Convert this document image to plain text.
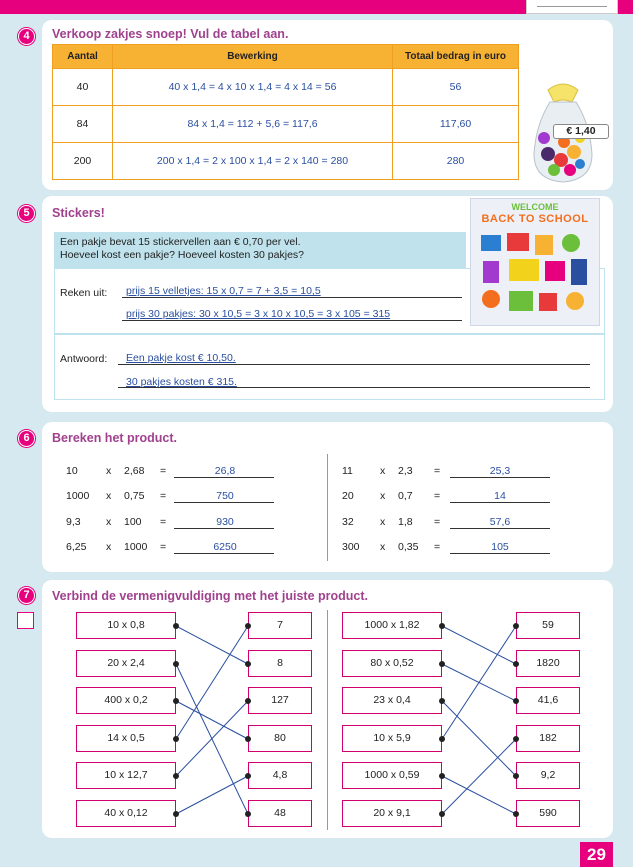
4	Verkoop zakjes snoep! Vul de tabel aan.
Aantal	Bewerking	Totaal bedrag in euro
40	40 x 1,4 = 4 x 10 x 1,4 = 4 x 14 = 56	56
84	84 x 1,4 = 112 + 5,6 = 117,6	117,60
200	200 x 1,4 = 2 x 100 x 1,4 = 2 x 140 = 280	280
€ 1,40
5	Stickers!
Een pakje bevat 15 stickervellen aan € 0,70 per vel.
Hoeveel kost een pakje? Hoeveel kosten 30 pakjes?
Reken uit: prijs 15 velletjes: 15 x 0,7 = 7 + 3,5 = 10,5
prijs 30 pakjes: 30 x 10,5 = 3 x 10 x 10,5 = 3 x 105 = 315
Antwoord: Een pakje kost € 10,50.
30 pakjes kosten € 315.
WELCOME
BACK TO SCHOOL
6	Bereken het product.
10	x 2,68 =	26,8
1000 x 0,75 =	750
9,3 x 100 =	930
6,25 x 1000 =	6250
11	x 2,3 =	25,3
20	x 0,7 =	14
32	x 1,8 =	57,6
300 x 0,35 =	105
7	Verbind de vermenigvuldiging met het juiste product.
10 x 0,8
20 x 2,4
400 x 0,2
14 x 0,5
10 x 12,7
40 x 0,12
7
8
127
80
4,8
48
1000 x 1,82
80 x 0,52
23 x 0,4
10 x 5,9
1000 x 0,59
20 x 9,1
59
1820
41,6
182
9,2
590
29
